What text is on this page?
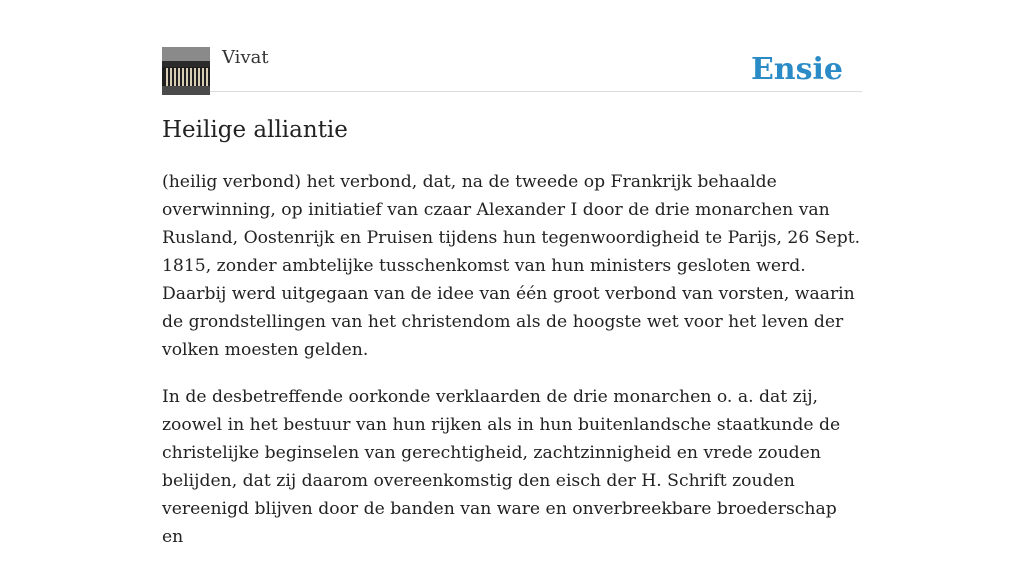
Vivat	Ensie
Heilige alliantie

(heilig verbond) het verbond, dat, na de tweede op Frankrijk behaalde overwinning, op initiatief van czaar Alexander I door de drie monarchen van Rusland, Oostenrijk en Pruisen tijdens hun tegenwoordigheid te Parijs, 26 Sept. 1815, zonder ambtelijke tusschenkomst van hun ministers gesloten werd. Daarbij werd uitgegaan van de idee van één groot verbond van vorsten, waarin de grondstellingen van het christendom als de hoogste wet voor het leven der volken moesten gelden.

In de desbetreffende oorkonde verklaarden de drie monarchen o. a. dat zij, zoowel in het bestuur van hun rijken als in hun buitenlandsche staatkunde de christelijke beginselen van gerechtigheid, zachtzinnigheid en vrede zouden belijden, dat zij daarom overeenkomstig den eisch der H. Schrift zouden vereenigd blijven door de banden van ware en onverbreekbare broederschap en
